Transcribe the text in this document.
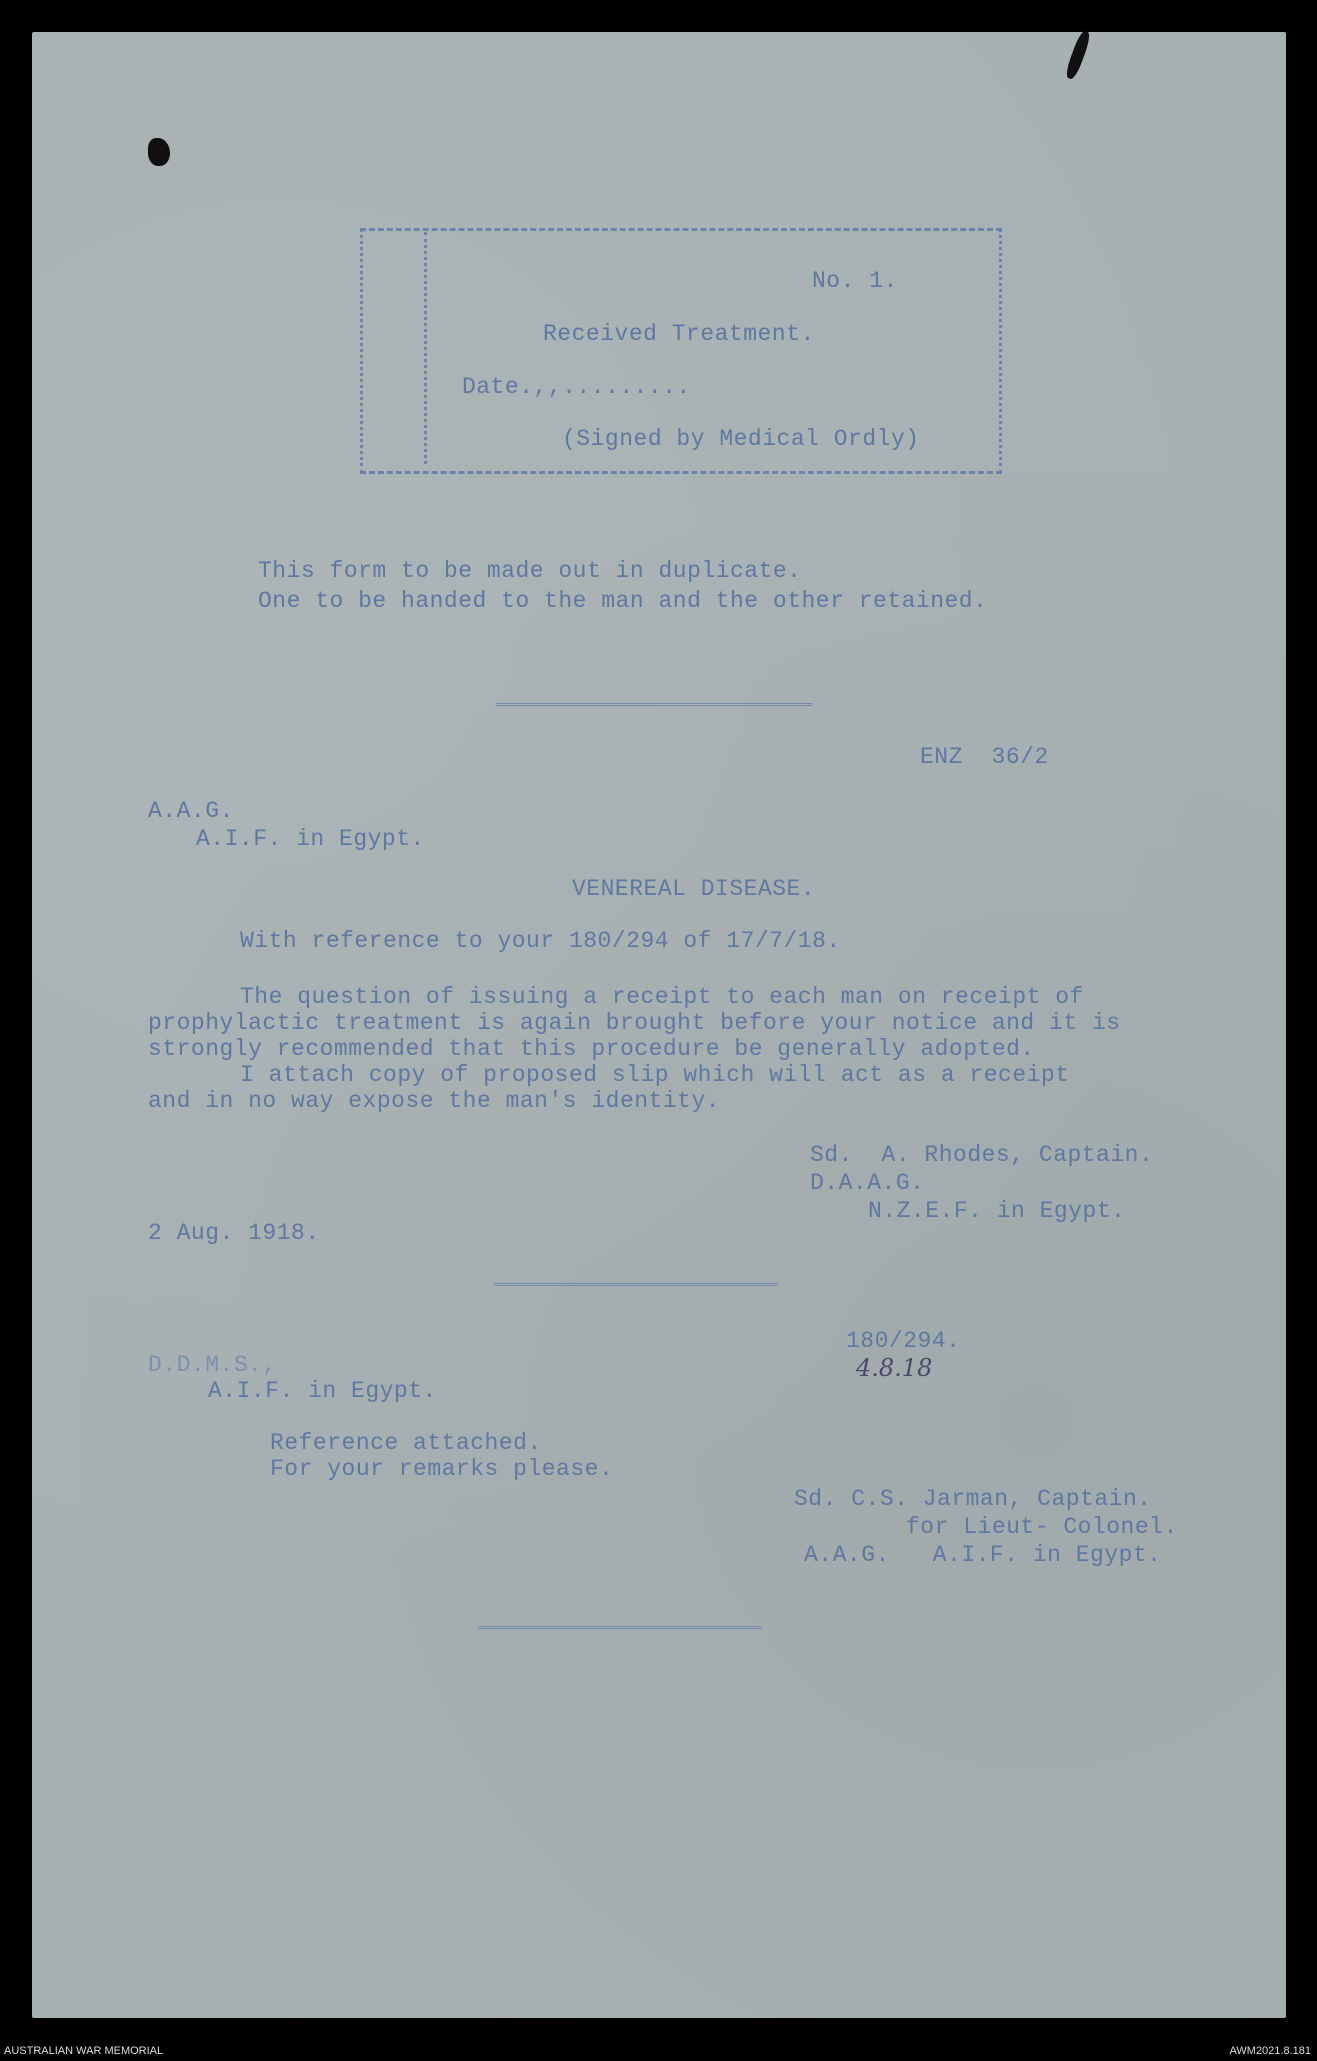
No. 1.
Received Treatment.
Date.,,.........
(Signed by Medical Ordly)
This form to be made out in duplicate.
One to be handed to the man and the other retained.
ENZ  36/2
A.A.G.
A.I.F. in Egypt.
VENEREAL DISEASE.
With reference to your 180/294 of 17/7/18.
The question of issuing a receipt to each man on receipt of
prophylactic treatment is again brought before your notice and it is
strongly recommended that this procedure be generally adopted.
I attach copy of proposed slip which will act as a receipt
and in no way expose the man's identity.
Sd.  A. Rhodes, Captain.
D.A.A.G.
N.Z.E.F. in Egypt.
2 Aug. 1918.
180/294.
4.8.18
D.D.M.S.,
A.I.F. in Egypt.
Reference attached.
For your remarks please.
Sd. C.S. Jarman, Captain.
for Lieut- Colonel.
A.A.G.   A.I.F. in Egypt.
AUSTRALIAN WAR MEMORIAL	AWM2021.8.181
